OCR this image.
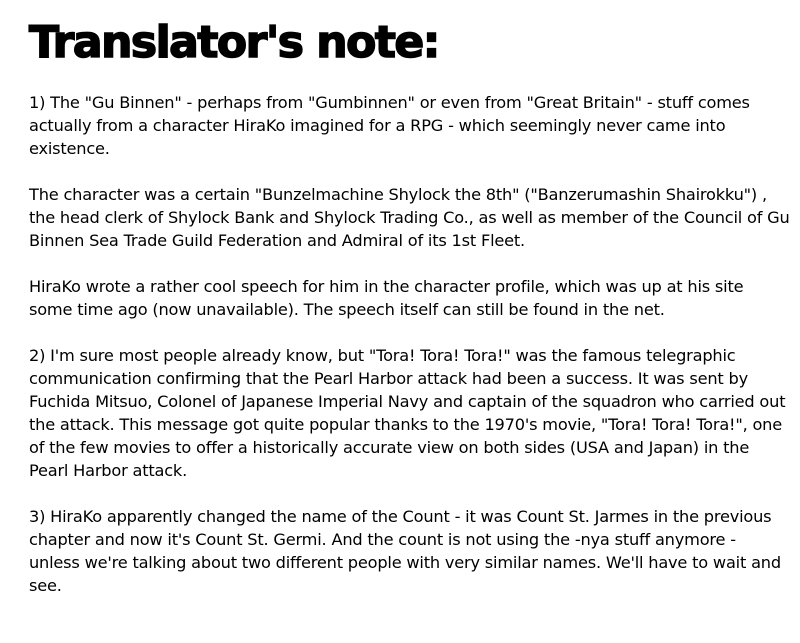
Translator's note:

1) The "Gu Binnen" - perhaps from "Gumbinnen" or even from "Great Britain" - stuff comes actually from a character HiraKo imagined for a RPG - which seemingly never came into existence.

The character was a certain "Bunzelmachine Shylock the 8th" ("Banzerumashin Shairokku") , the head clerk of Shylock Bank and Shylock Trading Co., as well as member of the Council of Gu Binnen Sea Trade Guild Federation and Admiral of its 1st Fleet.

HiraKo wrote a rather cool speech for him in the character profile, which was up at his site some time ago (now unavailable). The speech itself can still be found in the net.

2) I'm sure most people already know, but "Tora! Tora! Tora!" was the famous telegraphic communication confirming that the Pearl Harbor attack had been a success. It was sent by Fuchida Mitsuo, Colonel of Japanese Imperial Navy and captain of the squadron who carried out the attack. This message got quite popular thanks to the 1970's movie, "Tora! Tora! Tora!", one of the few movies to offer a historically accurate view on both sides (USA and Japan) in the Pearl Harbor attack.

3) HiraKo apparently changed the name of the Count - it was Count St. Jarmes in the previous chapter and now it's Count St. Germi. And the count is not using the -nya stuff anymore - unless we're talking about two different people with very similar names. We'll have to wait and see.
